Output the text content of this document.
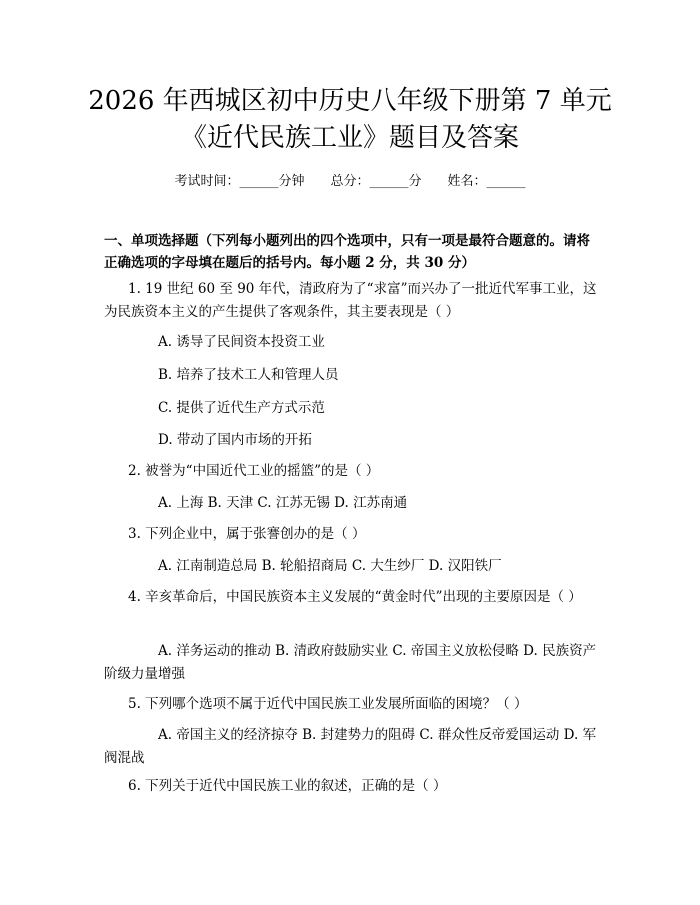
2026 年西城区初中历史八年级下册第 7 单元
《近代民族工业》题目及答案
考试时间：______分钟 总分：______分 姓名：______
一、单项选择题（下列每小题列出的四个选项中，只有一项是最符合题意的。请将正确选项的字母填在题后的括号内。每小题 2 分，共 30 分）
1. 19 世纪 60 至 90 年代，清政府为了“求富”而兴办了一批近代军事工业，这为民族资本主义的产生提供了客观条件，其主要表现是（ ）
A. 诱导了民间资本投资工业
B. 培养了技术工人和管理人员
C. 提供了近代生产方式示范
D. 带动了国内市场的开拓
2. 被誉为“中国近代工业的摇篮”的是（ ）
A. 上海 B. 天津 C. 江苏无锡 D. 江苏南通
3. 下列企业中，属于张謇创办的是（ ）
A. 江南制造总局 B. 轮船招商局 C. 大生纱厂 D. 汉阳铁厂
4. 辛亥革命后，中国民族资本主义发展的“黄金时代”出现的主要原因是（ ）
A. 洋务运动的推动 B. 清政府鼓励实业 C. 帝国主义放松侵略 D. 民族资产阶级力量增强
5. 下列哪个选项不属于近代中国民族工业发展所面临的困境？（ ）
A. 帝国主义的经济掠夺 B. 封建势力的阻碍 C. 群众性反帝爱国运动 D. 军阀混战
6. 下列关于近代中国民族工业的叙述，正确的是（ ）
